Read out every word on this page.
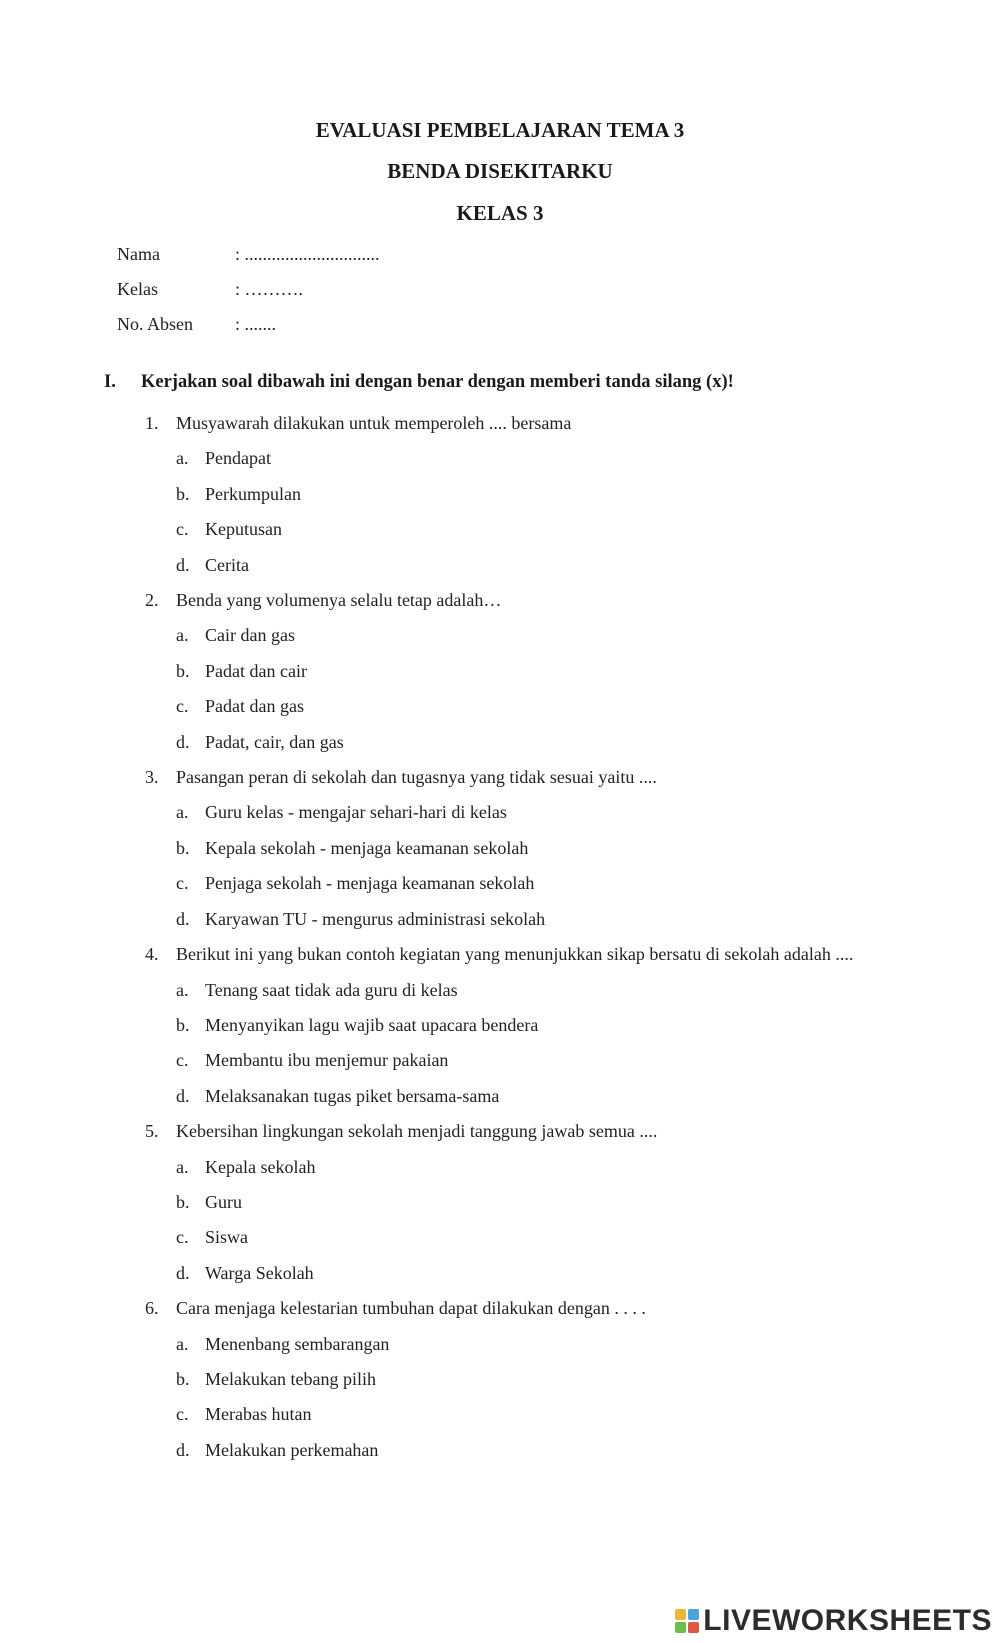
EVALUASI PEMBELAJARAN TEMA 3
BENDA DISEKITARKU
KELAS 3
Nama	: ..............................
Kelas	: ……….
No. Absen : .......
I. Kerjakan soal dibawah ini dengan benar dengan memberi tanda silang (x)!
1. Musyawarah dilakukan untuk memperoleh .... bersama
a. Pendapat
b. Perkumpulan
c. Keputusan
d. Cerita
2. Benda yang volumenya selalu tetap adalah…
a. Cair dan gas
b. Padat dan cair
c. Padat dan gas
d. Padat, cair, dan gas
3. Pasangan peran di sekolah dan tugasnya yang tidak sesuai yaitu ....
a. Guru kelas - mengajar sehari-hari di kelas
b. Kepala sekolah - menjaga keamanan sekolah
c. Penjaga sekolah - menjaga keamanan sekolah
d. Karyawan TU - mengurus administrasi sekolah
4. Berikut ini yang bukan contoh kegiatan yang menunjukkan sikap bersatu di sekolah adalah ....
a. Tenang saat tidak ada guru di kelas
b. Menyanyikan lagu wajib saat upacara bendera
c. Membantu ibu menjemur pakaian
d. Melaksanakan tugas piket bersama-sama
5. Kebersihan lingkungan sekolah menjadi tanggung jawab semua ....
a. Kepala sekolah
b. Guru
c. Siswa
d. Warga Sekolah
6. Cara menjaga kelestarian tumbuhan dapat dilakukan dengan . . . .
a. Menenbang sembarangan
b. Melakukan tebang pilih
c. Merabas hutan
d. Melakukan perkemahan
LIVEWORKSHEETS
